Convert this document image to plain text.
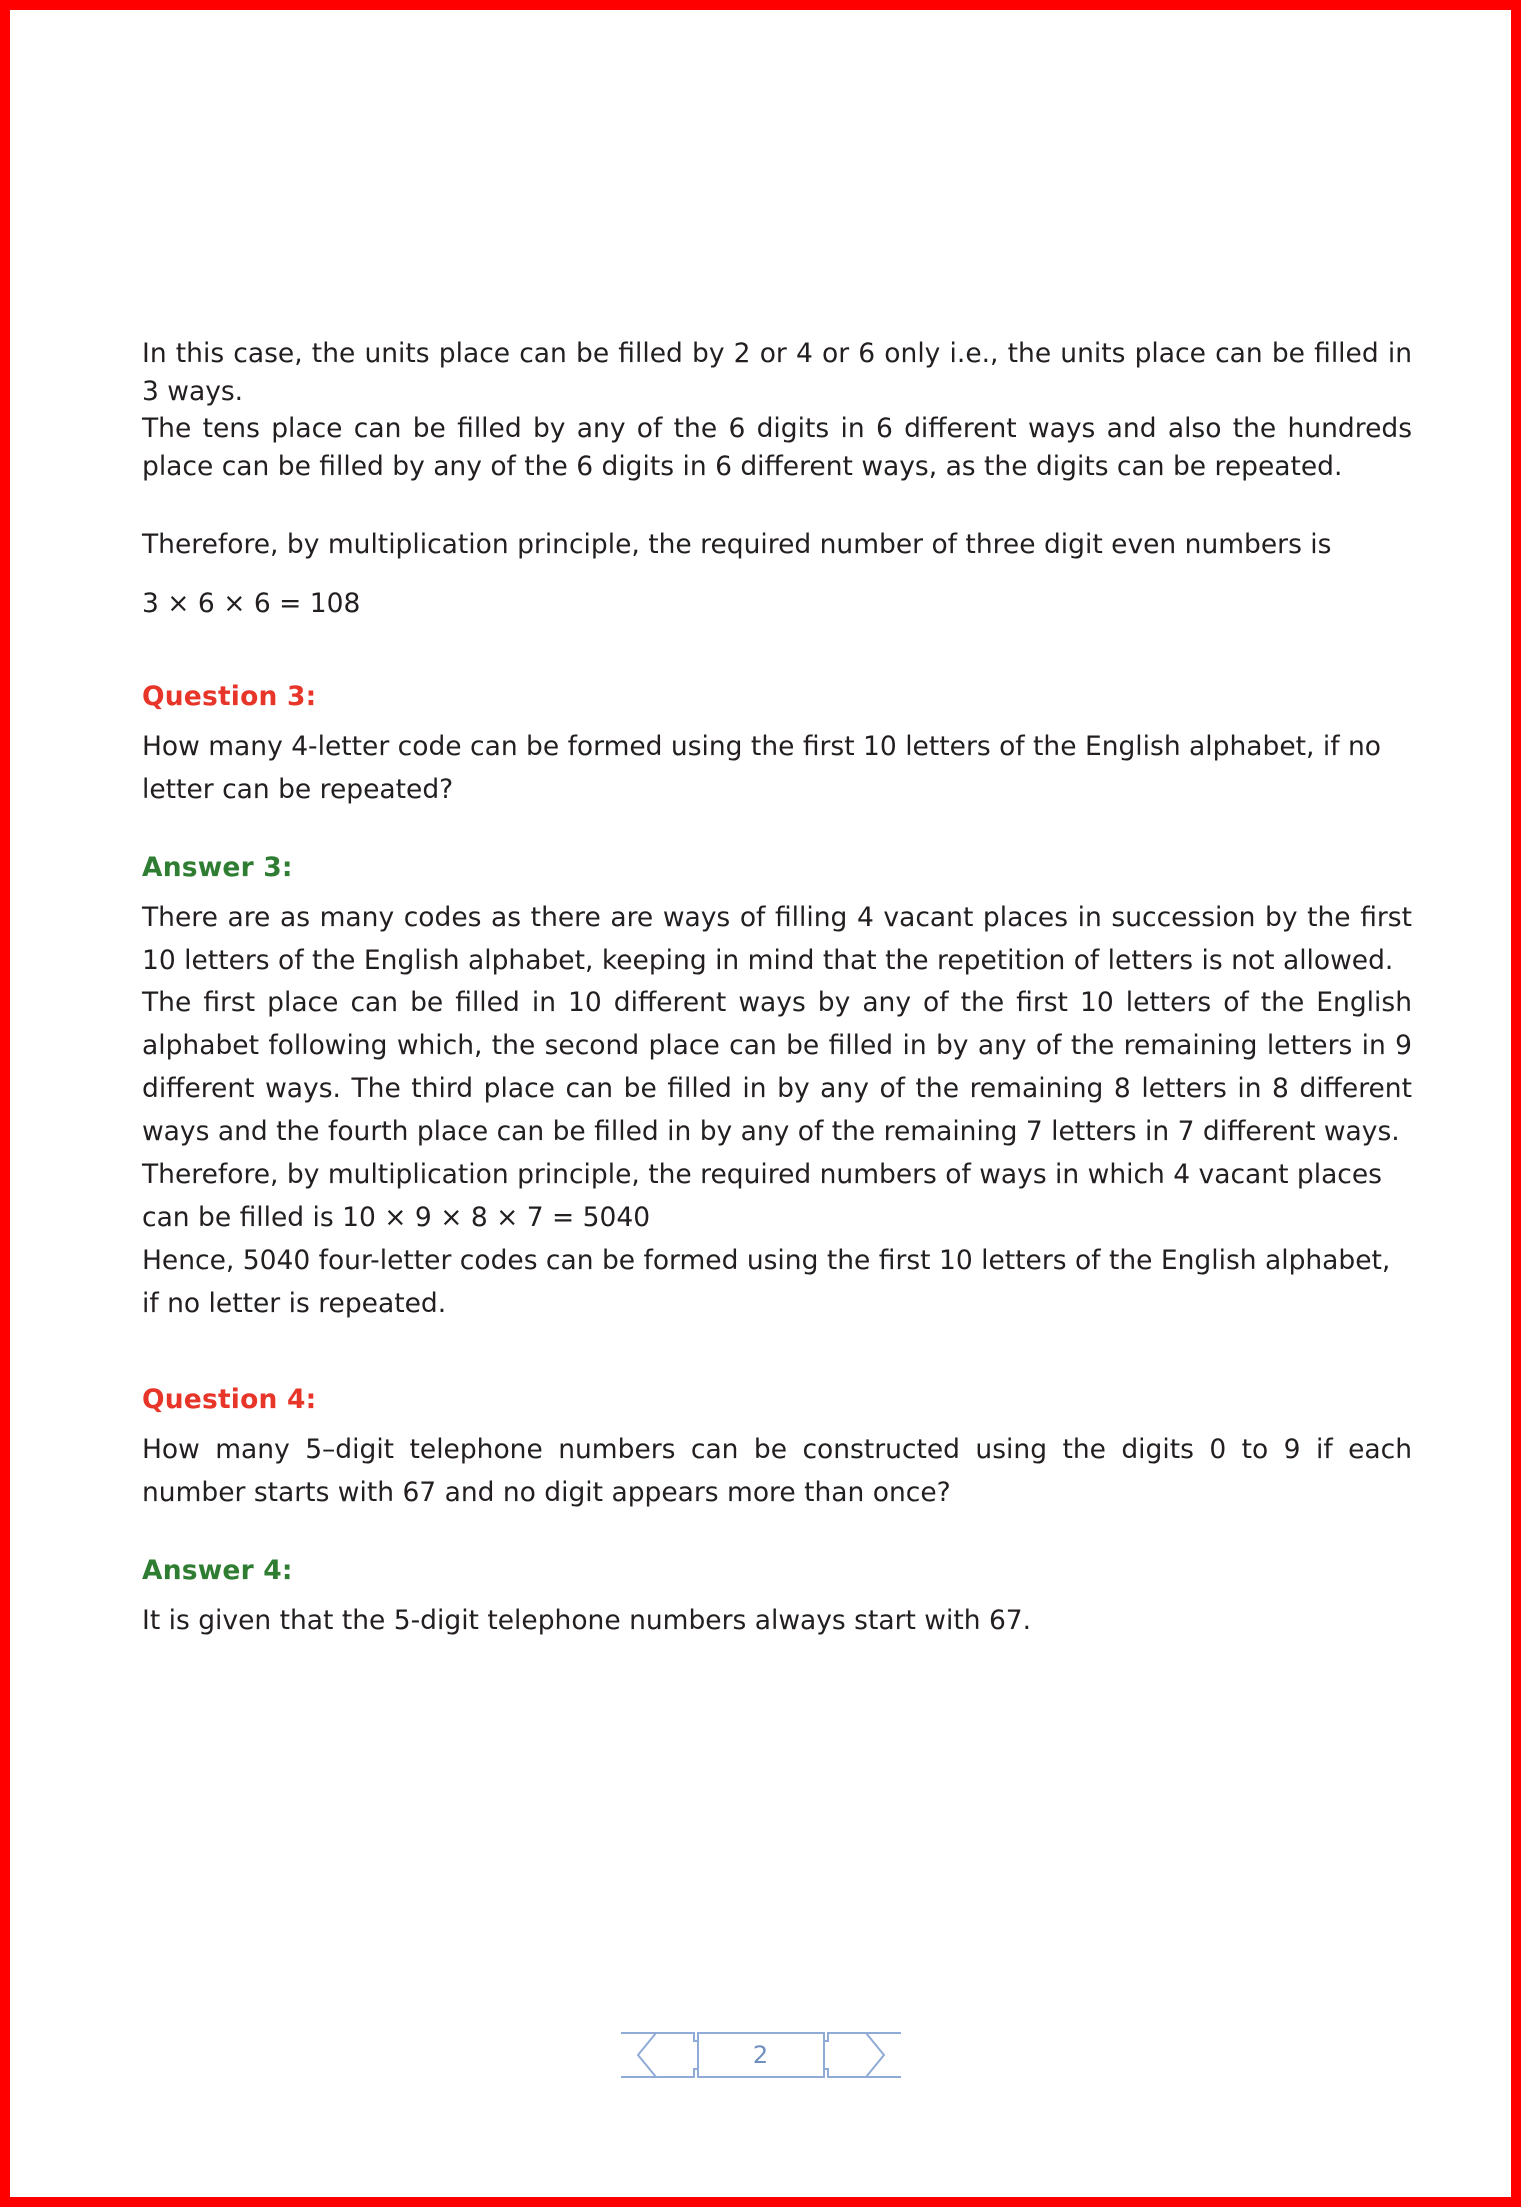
In this case, the units place can be filled by 2 or 4 or 6 only i.e., the units place can be filled in 3 ways.

The tens place can be filled by any of the 6 digits in 6 different ways and also the hundreds place can be filled by any of the 6 digits in 6 different ways, as the digits can be repeated.

Therefore, by multiplication principle, the required number of three digit even numbers is

3 × 6 × 6 = 108

Question 3:

How many 4-letter code can be formed using the first 10 letters of the English alphabet, if no letter can be repeated?

Answer 3:

There are as many codes as there are ways of filling 4 vacant places in succession by the first 10 letters of the English alphabet, keeping in mind that the repetition of letters is not allowed.

The first place can be filled in 10 different ways by any of the first 10 letters of the English alphabet following which, the second place can be filled in by any of the remaining letters in 9 different ways. The third place can be filled in by any of the remaining 8 letters in 8 different ways and the fourth place can be filled in by any of the remaining 7 letters in 7 different ways.

Therefore, by multiplication principle, the required numbers of ways in which 4 vacant places can be filled is 10 × 9 × 8 × 7 = 5040

Hence, 5040 four-letter codes can be formed using the first 10 letters of the English alphabet, if no letter is repeated.

Question 4:

How many 5–digit telephone numbers can be constructed using the digits 0 to 9 if each number starts with 67 and no digit appears more than once?

Answer 4:

It is given that the 5-digit telephone numbers always start with 67.

2
